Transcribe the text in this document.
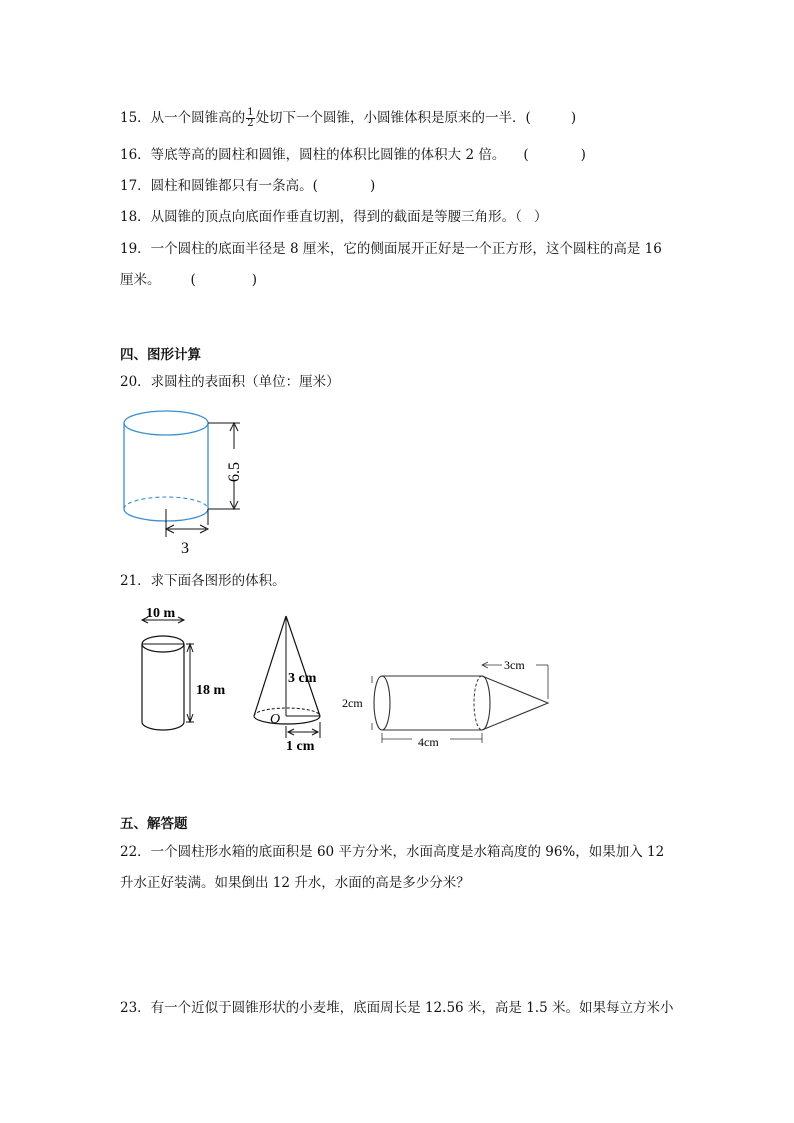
15．从一个圆锥高的 $\frac{1}{2}$ 处切下一个圆锥，小圆锥体积是原来的一半．(	)
16．等底等高的圆柱和圆锥，圆柱的体积比圆锥的体积大 2 倍。 (	)
17．圆柱和圆锥都只有一条高。(	)
18．从圆锥的顶点向底面作垂直切割，得到的截面是等腰三角形。（ ）
19．一个圆柱的底面半径是 8 厘米，它的侧面展开正好是一个正方形，这个圆柱的高是 16
厘米。 (	)
四、图形计算
20．求圆柱的表面积（单位：厘米）
6.5
3
21．求下面各图形的体积。
10 m
18 m
3 cm
O
1 cm
2cm
4cm
3cm
五、解答题
22．一个圆柱形水箱的底面积是 60 平方分米，水面高度是水箱高度的 96%，如果加入 12
升水正好装满。如果倒出 12 升水，水面的高是多少分米？
23．有一个近似于圆锥形状的小麦堆，底面周长是 12.56 米，高是 1.5 米。如果每立方米小
